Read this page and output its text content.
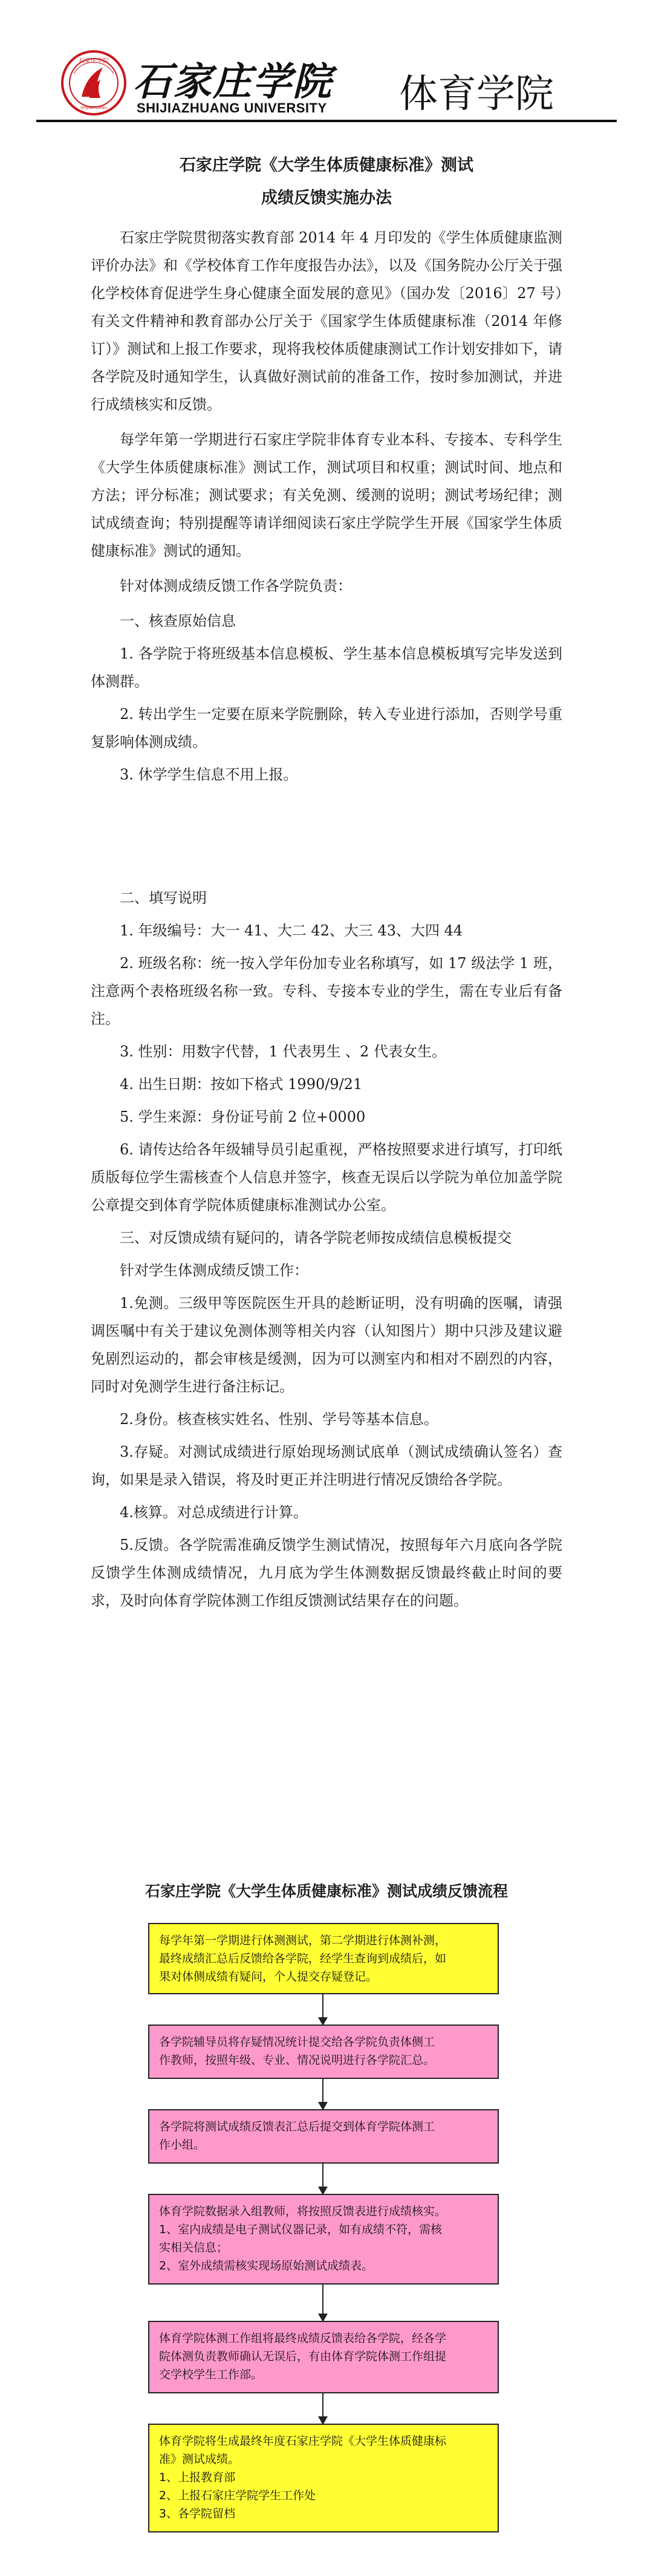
石家庄学院
SHIJIAZHUANG
石家庄学院
SHIJIAZHUANG UNIVERSITY 体育学院

石家庄学院《大学生体质健康标准》测试

成绩反馈实施办法

石家庄学院贯彻落实教育部 2014 年 4 月印发的《学生体质健康监测评价办法》和《学校体育工作年度报告办法》，以及《国务院办公厅关于强化学校体育促进学生身心健康全面发展的意见》（国办发〔2016〕27 号）有关文件精神和教育部办公厅关于《国家学生体质健康标准（2014 年修订）》测试和上报工作要求，现将我校体质健康测试工作计划安排如下，请各学院及时通知学生，认真做好测试前的准备工作，按时参加测试，并进行成绩核实和反馈。

每学年第一学期进行石家庄学院非体育专业本科、专接本、专科学生《大学生体质健康标准》测试工作，测试项目和权重；测试时间、地点和方法；评分标准；测试要求；有关免测、缓测的说明；测试考场纪律；测试成绩查询；特别提醒等请详细阅读石家庄学院学生开展《国家学生体质健康标准》测试的通知。

针对体测成绩反馈工作各学院负责：

一、核查原始信息

1. 各学院于将班级基本信息模板、学生基本信息模板填写完毕发送到体测群。

2. 转出学生一定要在原来学院删除，转入专业进行添加，否则学号重复影响体测成绩。

3. 休学学生信息不用上报。

二、填写说明

1. 年级编号：大一 41、大二 42、大三 43、大四 44

2. 班级名称：统一按入学年份加专业名称填写，如 17 级法学 1 班，注意两个表格班级名称一致。专科、专接本专业的学生，需在专业后有备注。

3. 性别：用数字代替，1 代表男生 、2 代表女生。

4. 出生日期：按如下格式 1990/9/21

5. 学生来源：身份证号前 2 位+0000

6. 请传达给各年级辅导员引起重视，严格按照要求进行填写，打印纸质版每位学生需核查个人信息并签字，核查无误后以学院为单位加盖学院公章提交到体育学院体质健康标准测试办公室。

三、对反馈成绩有疑问的，请各学院老师按成绩信息模板提交

针对学生体测成绩反馈工作：

1.免测。三级甲等医院医生开具的趁断证明，没有明确的医嘱，请强调医嘱中有关于建议免测体测等相关内容（认知图片）期中只涉及建议避免剧烈运动的，都会审核是缓测，因为可以测室内和相对不剧烈的内容，同时对免测学生进行备注标记。

2.身份。核查核实姓名、性别、学号等基本信息。

3.存疑。对测试成绩进行原始现场测试底单（测试成绩确认签名）查询，如果是录入错误，将及时更正并注明进行情况反馈给各学院。

4.核算。对总成绩进行计算。

5.反馈。各学院需准确反馈学生测试情况，按照每年六月底向各学院反馈学生体测成绩情况，九月底为学生体测数据反馈最终截止时间的要求，及时向体育学院体测工作组反馈测试结果存在的问题。

石家庄学院《大学生体质健康标准》测试成绩反馈流程
每学年第一学期进行体测测试，第二学期进行体测补测，
最终成绩汇总后反馈给各学院，经学生查询到成绩后，如
果对体侧成绩有疑问，个人提交存疑登记。
各学院辅导员将存疑情况统计提交给各学院负责体侧工
作教师，按照年级、专业、情况说明进行各学院汇总。
各学院将测试成绩反馈表汇总后提交到体育学院体测工
作小组。
体育学院数据录入组教师，将按照反馈表进行成绩核实。
1、室内成绩是电子测试仪器记录，如有成绩不符，需核
实相关信息；
2、室外成绩需核实现场原始测试成绩表。
体育学院体测工作组将最终成绩反馈表给各学院，经各学
院体测负责教师确认无误后，有由体育学院体测工作组提
交学校学生工作部。
体育学院将生成最终年度石家庄学院《大学生体质健康标
准》测试成绩。
1、上报教育部
2、上报石家庄学院学生工作处
3、各学院留档
